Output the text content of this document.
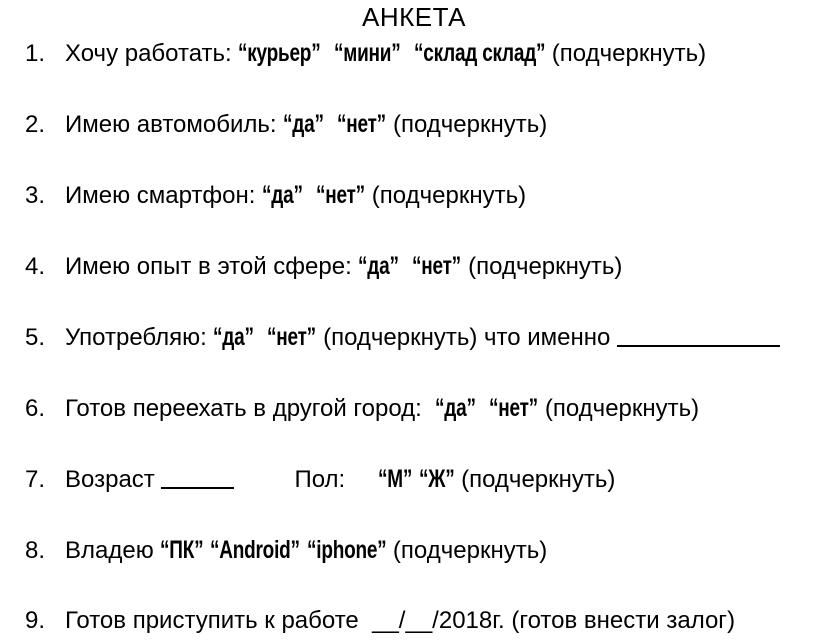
АНКЕТА
1. Хочу работать: “курьер” “мини” “склад склад” (подчеркнуть)
2. Имею автомобиль: “да” “нет” (подчеркнуть)
3. Имею смартфон: “да” “нет” (подчеркнуть)
4. Имею опыт в этой сфере: “да” “нет” (подчеркнуть)
5. Употребляю: “да” “нет” (подчеркнуть) что именно
6. Готов переехать в другой город:  “да” “нет” (подчеркнуть)
7. Возраст	Пол: “М” “Ж” (подчеркнуть)
8. Владею “ПК” “Android” “iphone” (подчеркнуть)
9. Готов приступить к работе  __/__/2018г. (готов внести залог)
